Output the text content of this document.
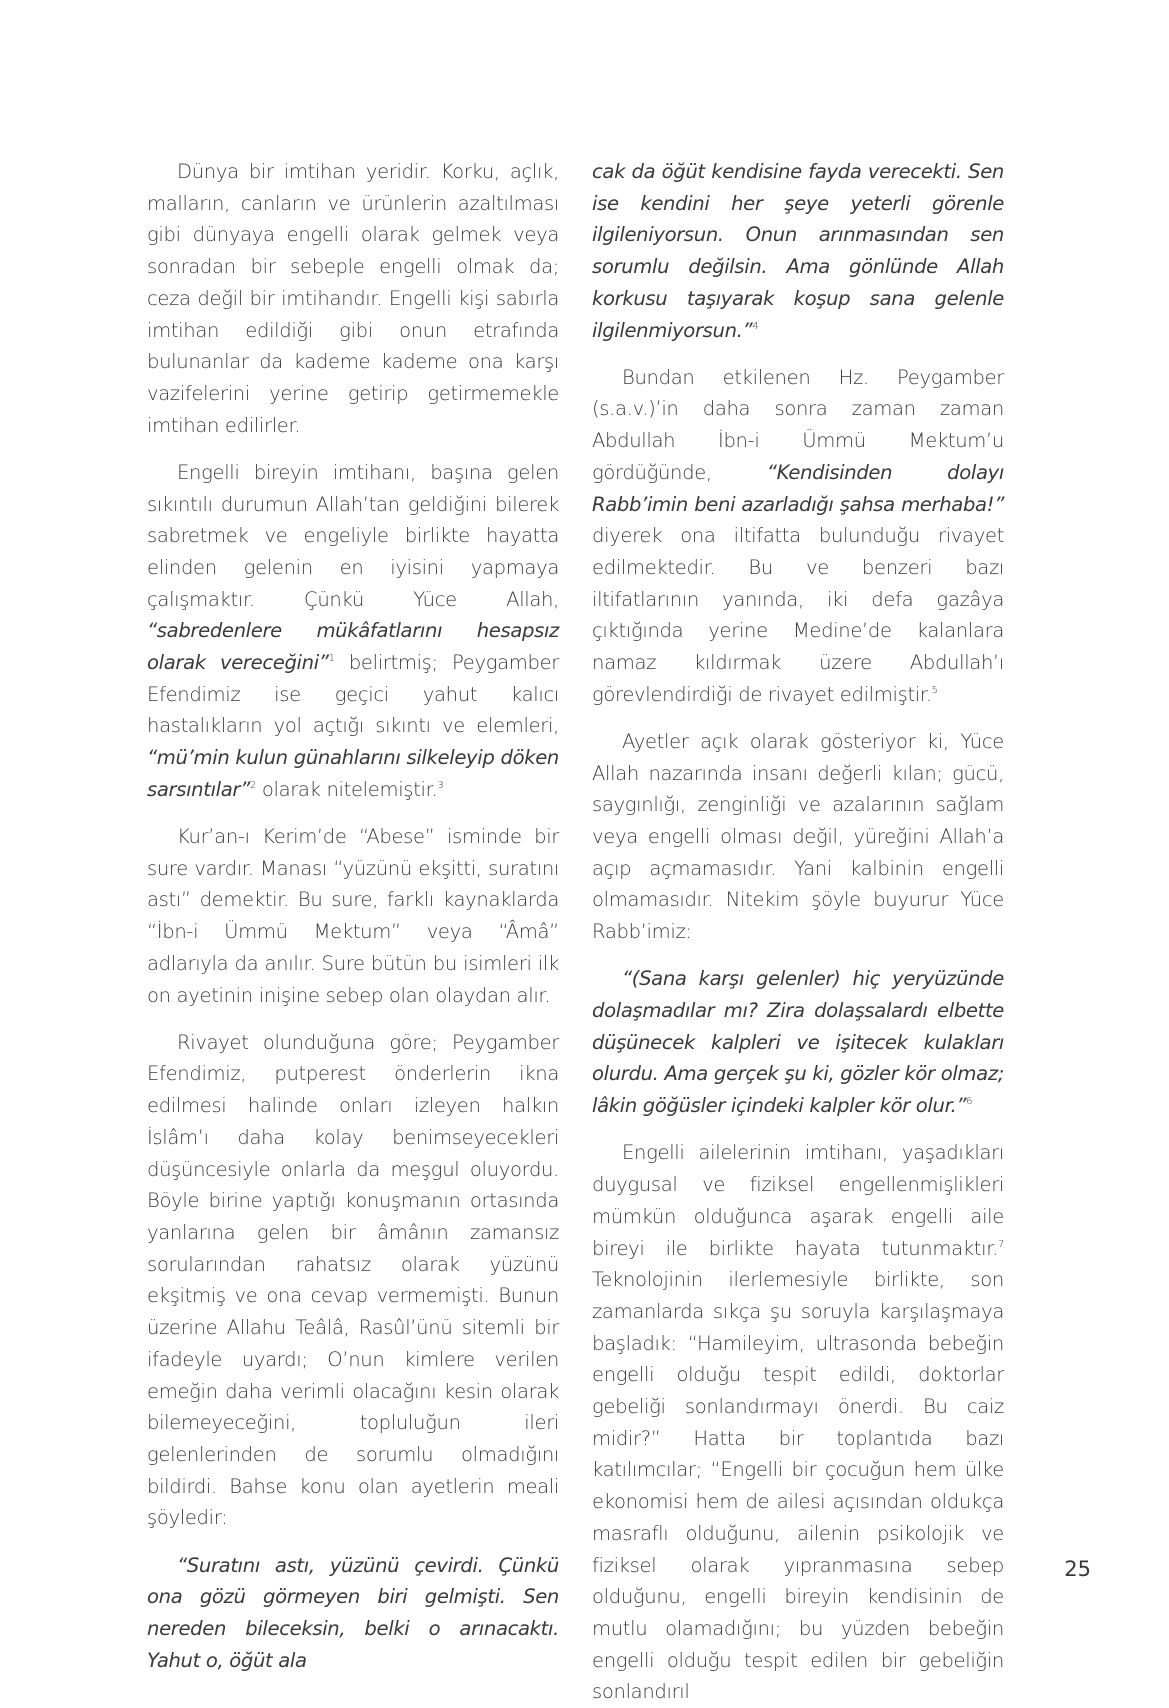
Dünya bir imtihan yeridir. Korku, açlık, malların, canların ve ürünlerin azaltılması gibi dünyaya engelli olarak gelmek veya sonradan bir sebeple engelli olmak da; ceza değil bir imtihandır. Engelli kişi sabırla imtihan edildiği gibi onun etrafında bulunanlar da kademe kademe ona karşı vazifelerini yerine getirip getirmemekle imtihan edilirler.

Engelli bireyin imtihanı, başına gelen sıkıntılı durumun Allah’tan geldiğini bilerek sabretmek ve engeliyle birlikte hayatta elinden gelenin en iyisini yapmaya çalışmaktır. Çünkü Yüce Allah, “sabredenlere mükâfatlarını hesapsız olarak vereceğini”$^1$ belirtmiş; Peygamber Efendimiz ise geçici yahut kalıcı hastalıkların yol açtığı sıkıntı ve elemleri, “mü’min kulun günahlarını silkeleyip döken sarsıntılar”$^2$ olarak nitelemiştir.$^3$

Kur’an-ı Kerim’de “Abese” isminde bir sure vardır. Manası “yüzünü ekşitti, suratını astı” demektir. Bu sure, farklı kaynaklarda “İbn-i Ümmü Mektum” veya “Âmâ” adlarıyla da anılır. Sure bütün bu isimleri ilk on ayetinin inişine sebep olan olaydan alır.

Rivayet olunduğuna göre; Peygamber Efendimiz, putperest önderlerin ikna edilmesi halinde onları izleyen halkın İslâm’ı daha kolay benimseyecekleri düşüncesiyle onlarla da meşgul oluyordu. Böyle birine yaptığı konuşmanın ortasında yanlarına gelen bir âmânın zamansız sorularından rahatsız olarak yüzünü ekşitmiş ve ona cevap vermemişti. Bunun üzerine Allahu Teâlâ, Rasûl’ünü sitemli bir ifadeyle uyardı; O’nun kimlere verilen emeğin daha verimli olacağını kesin olarak bilemeyeceğini, topluluğun ileri gelenlerinden de sorumlu olmadığını bildirdi. Bahse konu olan ayetlerin meali şöyledir:

“Suratını astı, yüzünü çevirdi. Çünkü ona gözü görmeyen biri gelmişti. Sen nereden bileceksin, belki o arınacaktı. Yahut o, öğüt ala

cak da öğüt kendisine fayda verecekti. Sen ise kendini her şeye yeterli görenle ilgileniyorsun. Onun arınmasından sen sorumlu değilsin. Ama gönlünde Allah korkusu taşıyarak koşup sana gelenle ilgilenmiyorsun.”$^4$

Bundan etkilenen Hz. Peygamber (s.a.v.)’in daha sonra zaman zaman Abdullah İbn-i Ümmü Mektum’u gördüğünde, “Kendisinden dolayı Rabb’imin beni azarladığı şahsa merhaba!” diyerek ona iltifatta bulunduğu rivayet edilmektedir. Bu ve benzeri bazı iltifatlarının yanında, iki defa gazâya çıktığında yerine Medine’de kalanlara namaz kıldırmak üzere Abdullah’ı görevlendirdiği de rivayet edilmiştir.$^5$

Ayetler açık olarak gösteriyor ki, Yüce Allah nazarında insanı değerli kılan; gücü, saygınlığı, zenginliği ve azalarının sağlam veya engelli olması değil, yüreğini Allah’a açıp açmamasıdır. Yani kalbinin engelli olmamasıdır. Nitekim şöyle buyurur Yüce Rabb’imiz:

“(Sana karşı gelenler) hiç yeryüzünde dolaşmadılar mı? Zira dolaşsalardı elbette düşünecek kalpleri ve işitecek kulakları olurdu. Ama gerçek şu ki, gözler kör olmaz; lâkin göğüsler içindeki kalpler kör olur.”$^6$

Engelli ailelerinin imtihanı, yaşadıkları duygusal ve fiziksel engellenmişlikleri mümkün olduğunca aşarak engelli aile bireyi ile birlikte hayata tutunmaktır.$^7$ Teknolojinin ilerlemesiyle birlikte, son zamanlarda sıkça şu soruyla karşılaşmaya başladık: “Hamileyim, ultrasonda bebeğin engelli olduğu tespit edildi, doktorlar gebeliği sonlandırmayı önerdi. Bu caiz midir?” Hatta bir toplantıda bazı katılımcılar; “Engelli bir çocuğun hem ülke ekonomisi hem de ailesi açısından oldukça masraflı olduğunu, ailenin psikolojik ve fiziksel olarak yıpranmasına sebep olduğunu, engelli bireyin kendisinin de mutlu olamadığını; bu yüzden bebeğin engelli olduğu tespit edilen bir gebeliğin sonlandırıl

25
